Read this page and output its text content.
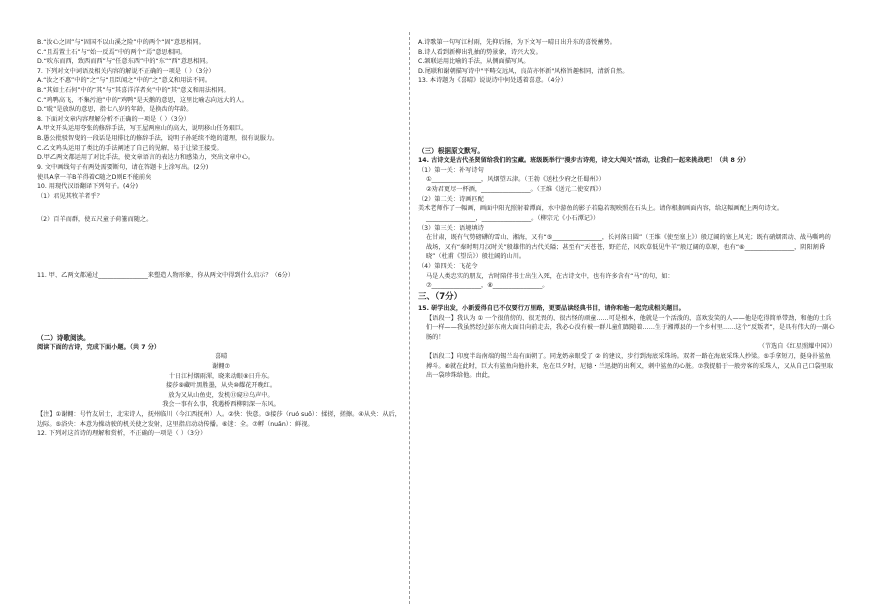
B.“汝心之固”与“固国不以山溪之险”中的两个“固”意思相同。
C.“且焉置土石”与“始一反焉”中的两个“焉”意思相同。
D.“吹东而西，致西而西”与“任意东西”中的“东”“西”意思相同。
7. 下列对文中词语及相关内容的解说不正确的一项是（ ）（3分）
A.“汝之不惠”中的“之”与“且臣闻之”中的“之”意义和用法不同。
B.“其如土石何”中的“其”与“其喜洋洋者矣”中的“其”意义和用法相同。
C.“鸡鸭高飞，不集污池”中的“鸡鸭”是天鹅的意思，这里比喻志向远大的人。
D.“耽”是放纵的意思，指七八岁的年龄，是换齿的年龄。
8. 下面对文章内容理解分析不正确的一项是（ ）（3分）
A.甲文开头运用夸张的修辞手法，写王屋两座山的高大，说明移山任务艰巨。
B.愚公批驳智叟的一段话是用排比的修辞手法，说明子孙延续不绝的道理，很有说服力。
C.乙文鸡头运用了类比的手法阐述了自己的见解，易于让梁王接受。
D.甲乙两文都运用了对比手法，使文章语言的表达力和感染力，突出文章中心。
9. 文中画线句子有两处需要断句，请在答题卡上涂写出。(2分)
使具A拿一羊B羊得着C随之D则E不能前矣
10. 用现代汉语翻译下列句子。(4分)
（1）君见其牧羊者乎？
（2）百羊而群，使五尺童子荷箠而随之。
11. 甲、乙两文都通过________________来塑造人物形象，你从两文中得到什么启示？（6分）
（二）诗歌阅读。
阅读下面的古诗，完成下面小题。（共 7 分）
喜晴
谢翱⑦
十日江村烟雨渾，晓来动眼⑧日升东。
接莎⑨藏叶黑胜墨，从央⑩耀花开晚红。
放为又从山鱼吏，发机⑪窥⑫乌声中。
我会一事有么事，我遇桥西柳阴深一东风。
【注】①谢翱：号竹友居士，北宋诗人，抚州临川（今江西抚州）人。②快：快意。③接莎（ruó suō）：揉搓，搓擦。④从央：从后，边际。⑤浴央：本意为操动驶的机关使之发射，这里指启动动传播。⑥迷：全。⑦孵（nuǎn）：鲜视。
12. 下列对这首诗的理解和赏析，不正确的一项是（ ）（3分）
A.诗歌第一句写江村雨，先抑后扬，为下文写一晴日出升东的喜悦蓄势。
B.诗人看到新柳出乳抽的势景象，诗兴大发。
C.颔联运用比喻的手法，从侧面描写风。
D.尾联和谢朝描写诗中"平畴交远风，良苗亦怀新"风格旨趣相同，清新自然。
13. 本诗题为《喜晴》说说诗中何处透着喜意。（4分）
（三）根据原文默写。
14. 古诗文是古代圣贤留给我们的宝藏。班级既举行"漫步古诗苑，诗文大闯关"活动，让我们一起来挑战吧！（共 8 分）
（1）第一关：补写诗句
①________________，风烟望五津。（王勃《送杜少府之任蜀州》）
②劝君更尽一杯酒，________________。（王维《送元二使安西》）
（2）第二关：诗画匹配
美术老师作了一幅画，画面中阳光照射着潭面，水中游鱼的影子若隐若现映照在石头上。请你根据画面内容，给这幅画配上两句诗文。
________________，________________。（柳宗元《小石潭记》）
（3）第三关：语境填诗
在甘肃，既有气势磅礴的雪山、湘海，又有“⑤________________，长河落日圆”（王维《使至塞上》）般辽阔的塞上风光；既有硝烟雷动、战马嘶鸣的战场，又有“秦时明月汉时关”般雄伟的古代关隘；甚至有“天苍苍，野茫茫，风吹草低见牛羊”般辽阔的草原，也有“⑥________________，阴阳割昏晓”（杜甫《望岳》）般壮阔的山川。
（4）第四关：飞花令
马是人类忠实的朋友，古时陪伴书士出生入死，在古诗文中，也有许多含有“马”的句，如：
⑦________________，⑧________________。
三、（7分）
15. 研学出发，小新爱得自已不仅要行万里路，更要品读经典书目，请你和他一起完成相关题目。
【语段一】我认为 ① 一个很俏傍的、很无畏的、很古怪的顽童……可是根本，他就是一个活泼的，喜欢发笑的人——他是吃得简单带劲，和他的士兵们一样——我虽然经过彭东南大面目向前走去，我必心没有被一群儿童们跟随着……生于湘潭县的一个乡村里……这个“反叛者”，是具有伟大的一副心肠的！
（节选自《红星照耀中国》）
【语段二】印度半岛南端的锡兰岛有面朝了。同龙奶亲眼受了 ② 的建议，步行到海底采珠场。双者一路在海底采珠人抄梁。⑤手拿短刀，挺身扑鲨鱼搏斗。⑥就在此时，巨大有鲨鱼向他扑来，危在旦夕时，尼德・兰迅捷的出利又，刺中鲨鱼的心脏。⑦我捉船于一般旁客的采珠人，又从自己口袋里取出一袋珍珠给他。由此，
